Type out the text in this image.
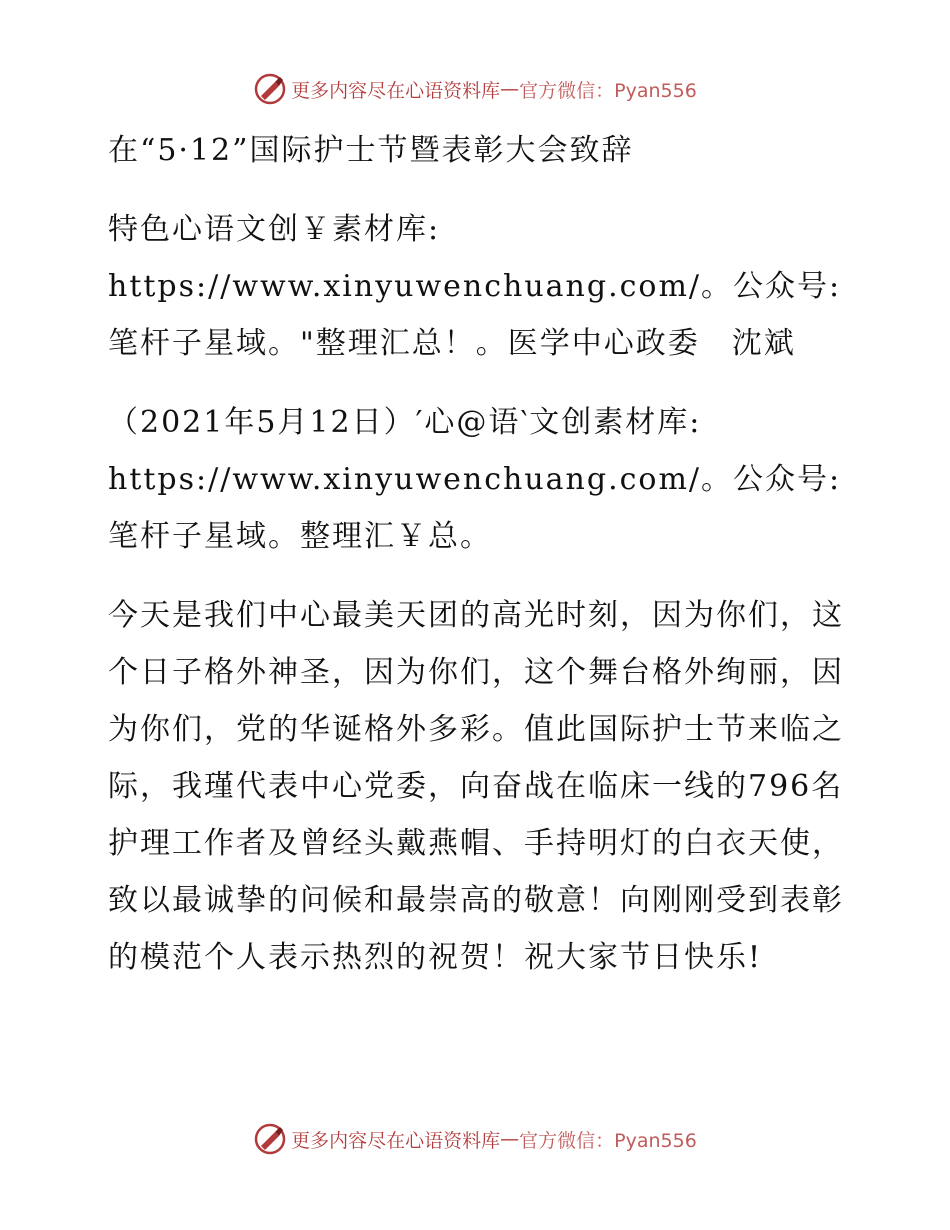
更多内容尽在心语资料库 — 官方微信：Pyan556

在“5·12”国际护士节暨表彰大会致辞

特色心语文创￥素材库: https://www.xinyuwenchuang.com/。公众号: 笔杆子星域。"整理汇总！。医学中心政委　沈斌

（2021年5月12日）′心@语‵文创素材库: https://www.xinyuwenchuang.com/。公众号: 笔杆子星域。整理汇￥总。

今天是我们中心最美天团的高光时刻，因为你们，这个日子格外神圣，因为你们，这个舞台格外绚丽，因为你们，党的华诞格外多彩。值此国际护士节来临之际，我瑾代表中心党委，向奋战在临床一线的796名护理工作者及曾经头戴燕帽、手持明灯的白衣天使，致以最诚挚的问候和最崇高的敬意！向刚刚受到表彰的模范个人表示热烈的祝贺！祝大家节日快乐!

更多内容尽在心语资料库 — 官方微信：Pyan556
